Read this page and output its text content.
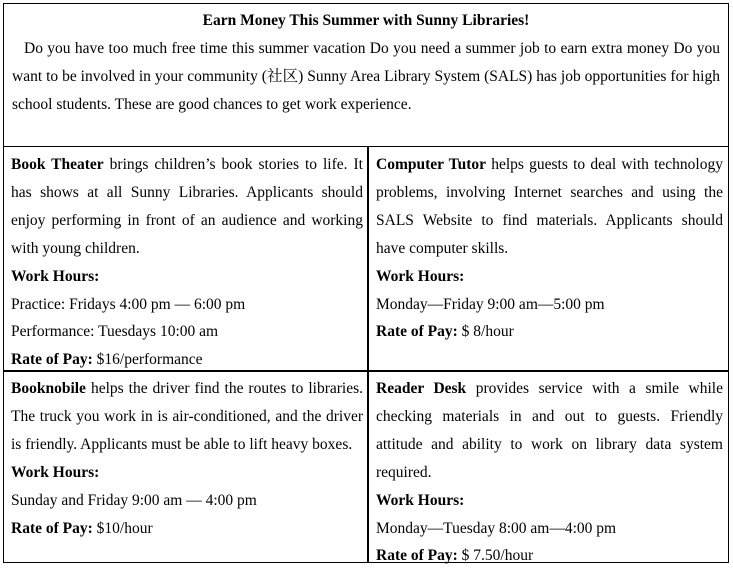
Earn Money This Summer with Sunny Libraries!

Do you have too much free time this summer vacation Do you need a summer job to earn extra money Do you want to be involved in your community (社区) Sunny Area Library System (SALS) has job opportunities for high school students. These are good chances to get work experience.

Book Theater brings children’s book stories to life. It has shows at all Sunny Libraries. Applicants should enjoy performing in front of an audience and working with young children.

Work Hours:

Practice: Fridays 4:00 pm — 6:00 pm

Performance: Tuesdays 10:00 am

Rate of Pay: $16/performance

Computer Tutor helps guests to deal with technology problems, involving Internet searches and using the SALS Website to find materials. Applicants should have computer skills.

Work Hours:

Monday—Friday 9:00 am—5:00 pm

Rate of Pay: $ 8/hour

Booknobile helps the driver find the routes to libraries. The truck you work in is air-conditioned, and the driver is friendly. Applicants must be able to lift heavy boxes.

Work Hours:

Sunday and Friday 9:00 am — 4:00 pm

Rate of Pay: $10/hour

Reader Desk provides service with a smile while checking materials in and out to guests. Friendly attitude and ability to work on library data system required.

Work Hours:

Monday—Tuesday 8:00 am—4:00 pm

Rate of Pay: $ 7.50/hour
